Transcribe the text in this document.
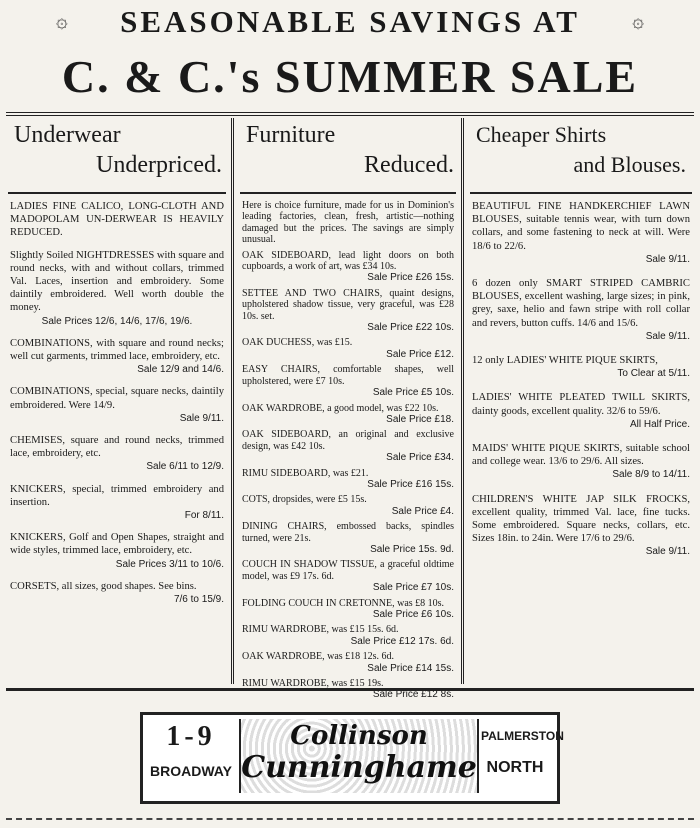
۞	۞
SEASONABLE SAVINGS AT
C. & C.'s SUMMER SALE
Underwear
Underpriced.
LADIES FINE CALICO, LONG-CLOTH AND MADOPOLAM UN-DERWEAR IS HEAVILY REDUCED.
Slightly Soiled NIGHTDRESSES with square and round necks, with and without collars, trimmed Val. Laces, insertion and embroidery. Some daintily embroidered. Well worth double the money.
Sale Prices 12/6, 14/6, 17/6, 19/6.
COMBINATIONS, with square and round necks; well cut garments, trimmed lace, embroidery, etc.
Sale 12/9 and 14/6.
COMBINATIONS, special, square necks, daintily embroidered. Were 14/9.
Sale 9/11.
CHEMISES, square and round necks, trimmed lace, embroidery, etc.
Sale 6/11 to 12/9.
KNICKERS, special, trimmed embroidery and insertion.
For 8/11.
KNICKERS, Golf and Open Shapes, straight and wide styles, trimmed lace, embroidery, etc.
Sale Prices 3/11 to 10/6.
CORSETS, all sizes, good shapes. See bins.
7/6 to 15/9.
Furniture
Reduced.
Here is choice furniture, made for us in Dominion's leading factories, clean, fresh, artistic—nothing damaged but the prices. The savings are simply unusual.
OAK SIDEBOARD, lead light doors on both cupboards, a work of art, was £34 10s.
Sale Price £26 15s.
SETTEE AND TWO CHAIRS, quaint designs, upholstered shadow tissue, very graceful, was £28 10s. set.
Sale Price £22 10s.
OAK DUCHESS, was £15.
Sale Price £12.
EASY CHAIRS, comfortable shapes, well upholstered, were £7 10s.
Sale Price £5 10s.
OAK WARDROBE, a good model, was £22 10s.
Sale Price £18.
OAK SIDEBOARD, an original and exclusive design, was £42 10s.
Sale Price £34.
RIMU SIDEBOARD, was £21.
Sale Price £16 15s.
COTS, dropsides, were £5 15s.
Sale Price £4.
DINING CHAIRS, embossed backs, spindles turned, were 21s.
Sale Price 15s. 9d.
COUCH IN SHADOW TISSUE, a graceful oldtime model, was £9 17s. 6d.
Sale Price £7 10s.
FOLDING COUCH IN CRETONNE, was £8 10s.
Sale Price £6 10s.
RIMU WARDROBE, was £15 15s. 6d.
Sale Price £12 17s. 6d.
OAK WARDROBE, was £18 12s. 6d.
Sale Price £14 15s.
RIMU WARDROBE, was £15 19s.
Sale Price £12 8s.
Cheaper Shirts
and Blouses.
BEAUTIFUL FINE HANDKERCHIEF LAWN BLOUSES, suitable tennis wear, with turn down collars, and some fastening to neck at will. Were 18/6 to 22/6.
Sale 9/11.
6 dozen only SMART STRIPED CAMBRIC BLOUSES, excellent washing, large sizes; in pink, grey, saxe, helio and fawn stripe with roll collar and revers, button cuffs. 14/6 and 15/6.
Sale 9/11.
12 only LADIES' WHITE PIQUE SKIRTS,
To Clear at 5/11.
LADIES' WHITE PLEATED TWILL SKIRTS, dainty goods, excellent quality. 32/6 to 59/6.
All Half Price.
MAIDS' WHITE PIQUE SKIRTS, suitable school and college wear. 13/6 to 29/6. All sizes.
Sale 8/9 to 14/11.
CHILDREN'S WHITE JAP SILK FROCKS, excellent quality, trimmed Val. lace, fine tucks. Some embroidered. Square necks, collars, etc. Sizes 18in. to 24in. Were 17/6 to 29/6.
Sale 9/11.
1-9
BROADWAY
Collinson
Cunninghame
PALMERSTON
NORTH
